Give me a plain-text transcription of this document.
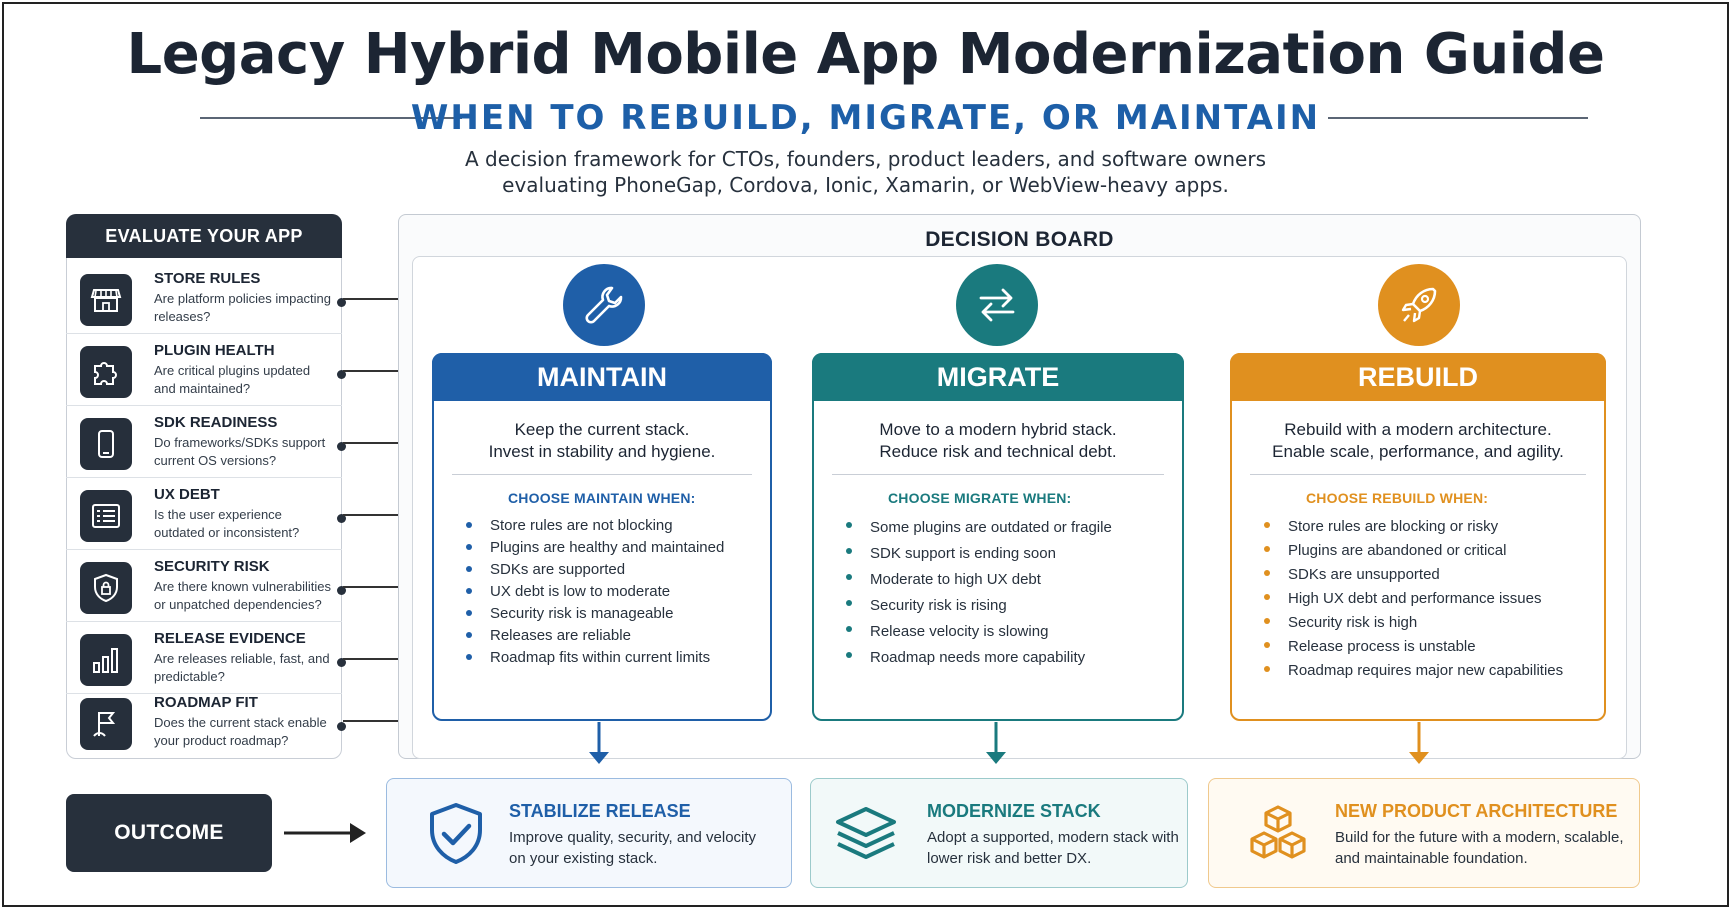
Legacy Hybrid Mobile App Modernization Guide
WHEN TO REBUILD, MIGRATE, OR MAINTAIN
A decision framework for CTOs, founders, product leaders, and software owners
evaluating PhoneGap, Cordova, Ionic, Xamarin, or WebView-heavy apps.
EVALUATE YOUR APP
STORE RULES
Are platform policies impacting releases?
PLUGIN HEALTH
Are critical plugins updated and maintained?
SDK READINESS
Do frameworks/SDKs support current OS versions?
UX DEBT
Is the user experience outdated or inconsistent?
SECURITY RISK
Are there known vulnerabilities or unpatched dependencies?
RELEASE EVIDENCE
Are releases reliable, fast, and predictable?
ROADMAP FIT
Does the current stack enable your product roadmap?
DECISION BOARD
MAINTAIN
Keep the current stack.
Invest in stability and hygiene.
CHOOSE MAINTAIN WHEN:
Store rules are not blocking
Plugins are healthy and maintained
SDKs are supported
UX debt is low to moderate
Security risk is manageable
Releases are reliable
Roadmap fits within current limits
MIGRATE
Move to a modern hybrid stack.
Reduce risk and technical debt.
CHOOSE MIGRATE WHEN:
Some plugins are outdated or fragile
SDK support is ending soon
Moderate to high UX debt
Security risk is rising
Release velocity is slowing
Roadmap needs more capability
REBUILD
Rebuild with a modern architecture.
Enable scale, performance, and agility.
CHOOSE REBUILD WHEN:
Store rules are blocking or risky
Plugins are abandoned or critical
SDKs are unsupported
High UX debt and performance issues
Security risk is high
Release process is unstable
Roadmap requires major new capabilities
OUTCOME
STABILIZE RELEASE
Improve quality, security, and velocity on your existing stack.
MODERNIZE STACK
Adopt a supported, modern stack with lower risk and better DX.
NEW PRODUCT ARCHITECTURE
Build for the future with a modern, scalable, and maintainable foundation.
